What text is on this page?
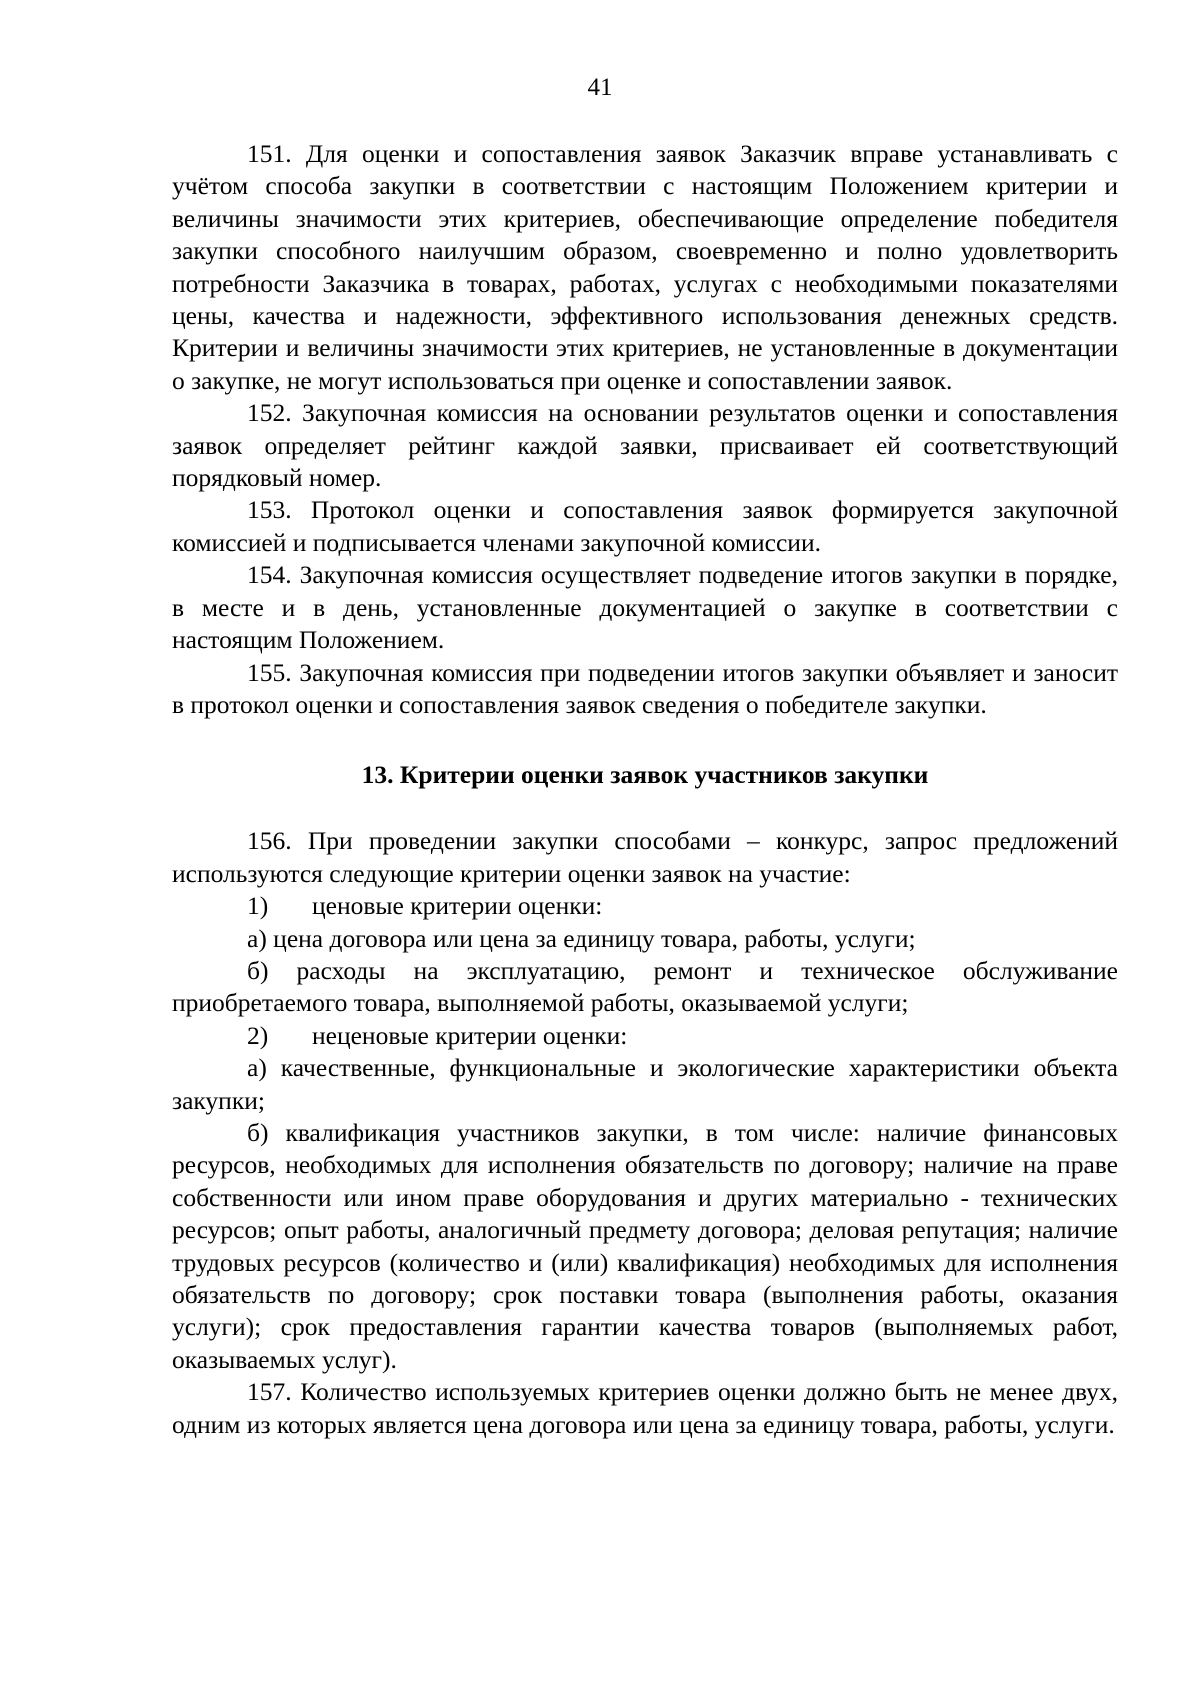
41

151. Для оценки и сопоставления заявок Заказчик вправе устанавливать с учётом способа закупки в соответствии с настоящим Положением критерии и величины значимости этих критериев, обеспечивающие определение победителя закупки способного наилучшим образом, своевременно и полно удовлетворить потребности Заказчика в товарах, работах, услугах с необходимыми показателями цены, качества и надежности, эффективного использования денежных средств. Критерии и величины значимости этих критериев, не установленные в документации о закупке, не могут использоваться при оценке и сопоставлении заявок.

152. Закупочная комиссия на основании результатов оценки и сопоставления заявок определяет рейтинг каждой заявки, присваивает ей соответствующий порядковый номер.

153. Протокол оценки и сопоставления заявок формируется закупочной комиссией и подписывается членами закупочной комиссии.

154. Закупочная комиссия осуществляет подведение итогов закупки в порядке, в месте и в день, установленные документацией о закупке в соответствии с настоящим Положением.

155. Закупочная комиссия при подведении итогов закупки объявляет и заносит в протокол оценки и сопоставления заявок сведения о победителе закупки.

13. Критерии оценки заявок участников закупки

156. При проведении закупки способами – конкурс, запрос предложений используются следующие критерии оценки заявок на участие:

1) ценовые критерии оценки:

а) цена договора или цена за единицу товара, работы, услуги;

б) расходы на эксплуатацию, ремонт и техническое обслуживание приобретаемого товара, выполняемой работы, оказываемой услуги;

2) неценовые критерии оценки:

а) качественные, функциональные и экологические характеристики объекта закупки;

б) квалификация участников закупки, в том числе: наличие финансовых ресурсов, необходимых для исполнения обязательств по договору; наличие на праве собственности или ином праве оборудования и других материально - технических ресурсов; опыт работы, аналогичный предмету договора; деловая репутация; наличие трудовых ресурсов (количество и (или) квалификация) необходимых для исполнения обязательств по договору; срок поставки товара (выполнения работы, оказания услуги); срок предоставления гарантии качества товаров (выполняемых работ, оказываемых услуг).

157. Количество используемых критериев оценки должно быть не менее двух, одним из которых является цена договора или цена за единицу товара, работы, услуги.
